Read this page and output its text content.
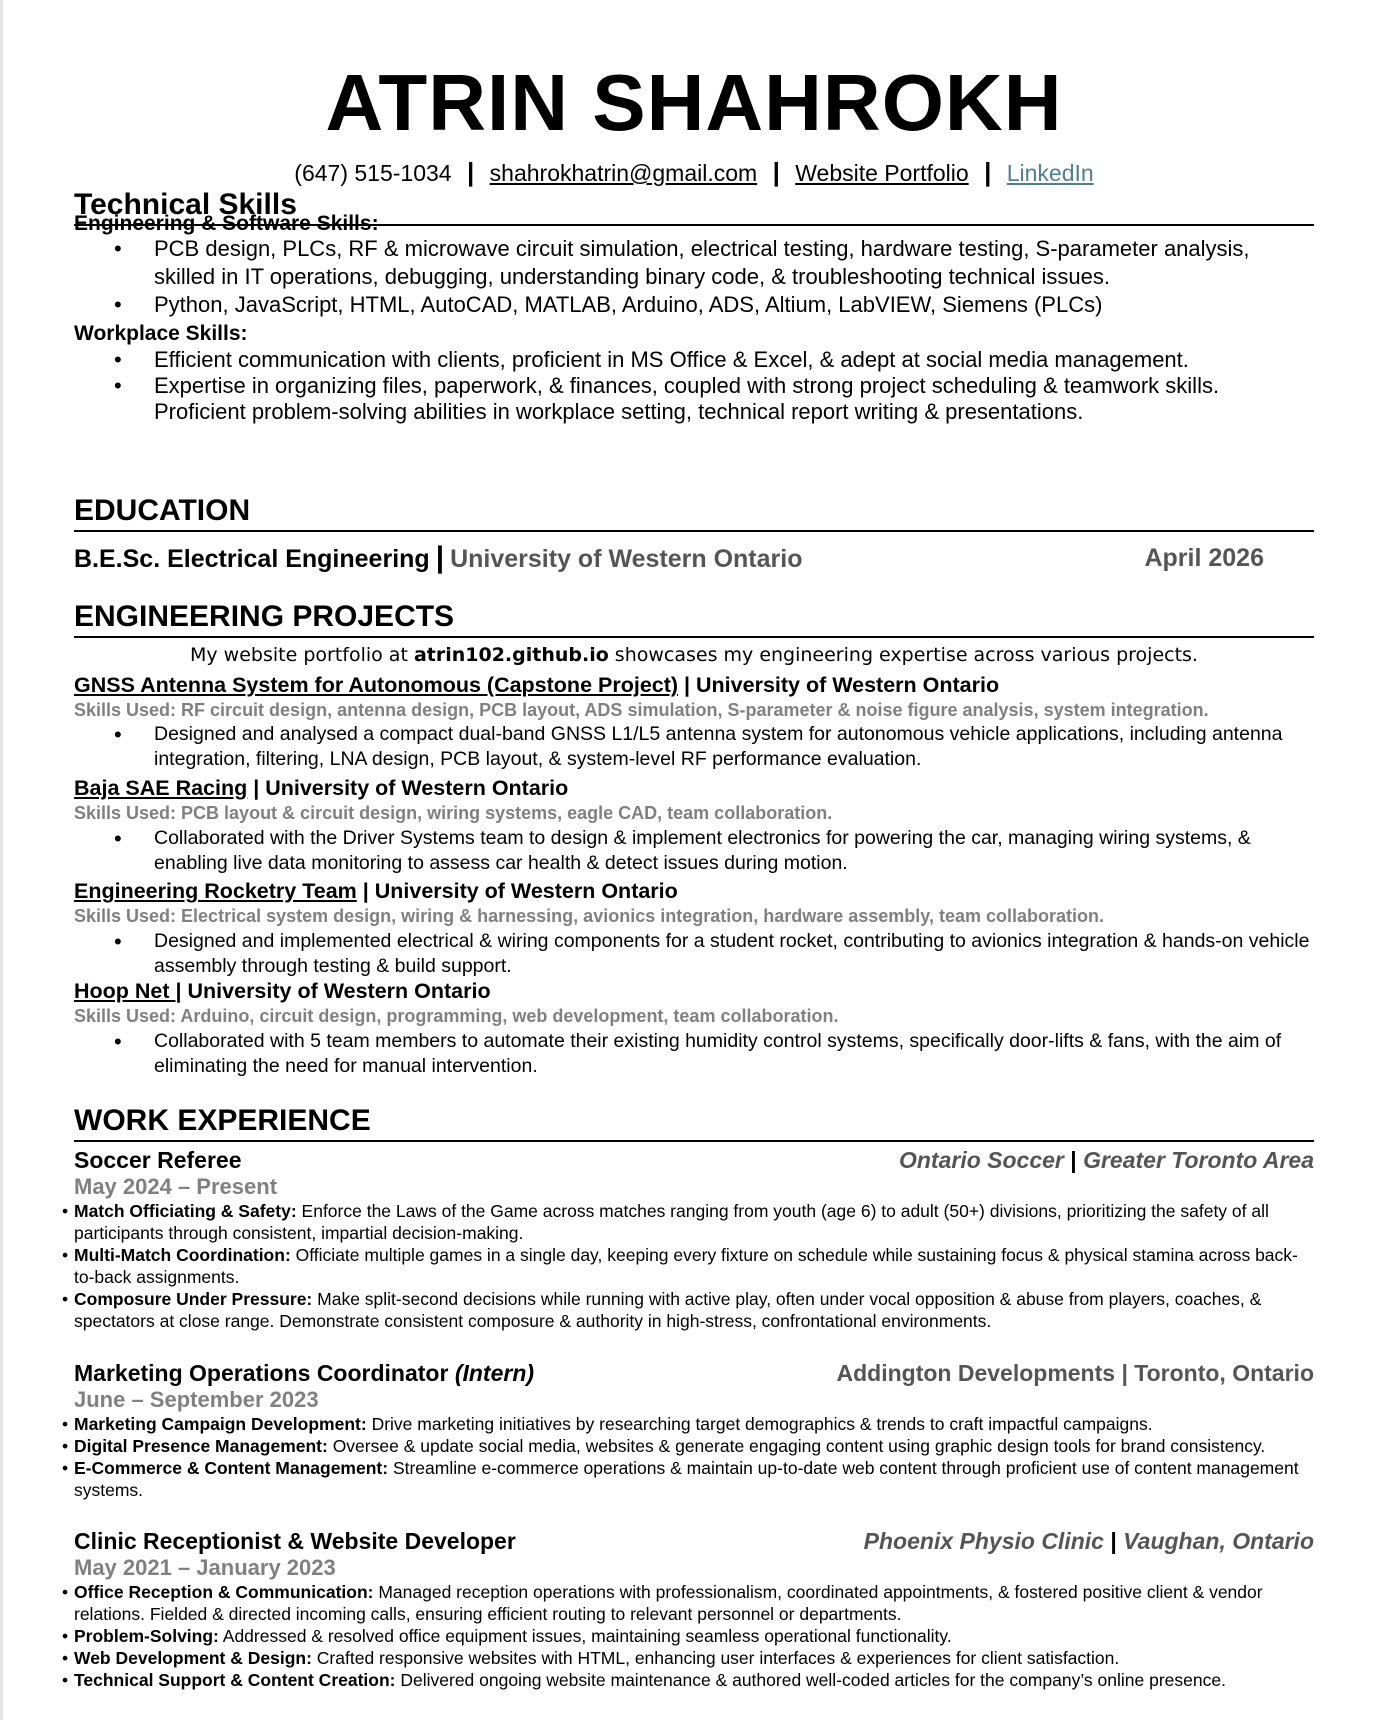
ATRIN SHAHROKH
(647) 515-1034 | shahrokhatrin@gmail.com | Website Portfolio | LinkedIn
Technical Skills
Engineering & Software Skills:
• PCB design, PLCs, RF & microwave circuit simulation, electrical testing, hardware testing, S-parameter analysis, skilled in IT operations, debugging, understanding binary code, & troubleshooting technical issues.
• Python, JavaScript, HTML, AutoCAD, MATLAB, Arduino, ADS, Altium, LabVIEW, Siemens (PLCs)
Workplace Skills:
• Efficient communication with clients, proficient in MS Office & Excel, & adept at social media management.
• Expertise in organizing files, paperwork, & finances, coupled with strong project scheduling & teamwork skills. Proficient problem-solving abilities in workplace setting, technical report writing & presentations.
EDUCATION
B.E.Sc. Electrical Engineering | University of Western Ontario	April 2026
ENGINEERING PROJECTS
My website portfolio at atrin102.github.io showcases my engineering expertise across various projects.
GNSS Antenna System for Autonomous (Capstone Project) | University of Western Ontario
Skills Used: RF circuit design, antenna design, PCB layout, ADS simulation, S-parameter & noise figure analysis, system integration.
• Designed and analysed a compact dual-band GNSS L1/L5 antenna system for autonomous vehicle applications, including antenna integration, filtering, LNA design, PCB layout, & system-level RF performance evaluation.
Baja SAE Racing | University of Western Ontario
Skills Used: PCB layout & circuit design, wiring systems, eagle CAD, team collaboration.
• Collaborated with the Driver Systems team to design & implement electronics for powering the car, managing wiring systems, & enabling live data monitoring to assess car health & detect issues during motion.
Engineering Rocketry Team | University of Western Ontario
Skills Used: Electrical system design, wiring & harnessing, avionics integration, hardware assembly, team collaboration.
• Designed and implemented electrical & wiring components for a student rocket, contributing to avionics integration & hands-on vehicle assembly through testing & build support.
Hoop Net | University of Western Ontario
Skills Used: Arduino, circuit design, programming, web development, team collaboration.
• Collaborated with 5 team members to automate their existing humidity control systems, specifically door-lifts & fans, with the aim of eliminating the need for manual intervention.
WORK EXPERIENCE
Soccer Referee	Ontario Soccer | Greater Toronto Area
May 2024 – Present
• Match Officiating & Safety: Enforce the Laws of the Game across matches ranging from youth (age 6) to adult (50+) divisions, prioritizing the safety of all participants through consistent, impartial decision-making.
• Multi-Match Coordination: Officiate multiple games in a single day, keeping every fixture on schedule while sustaining focus & physical stamina across back-to-back assignments.
• Composure Under Pressure: Make split-second decisions while running with active play, often under vocal opposition & abuse from players, coaches, & spectators at close range. Demonstrate consistent composure & authority in high-stress, confrontational environments.
Marketing Operations Coordinator (Intern)	Addington Developments | Toronto, Ontario
June – September 2023
• Marketing Campaign Development: Drive marketing initiatives by researching target demographics & trends to craft impactful campaigns.
• Digital Presence Management: Oversee & update social media, websites & generate engaging content using graphic design tools for brand consistency.
• E-Commerce & Content Management: Streamline e-commerce operations & maintain up-to-date web content through proficient use of content management systems.
Clinic Receptionist & Website Developer	Phoenix Physio Clinic | Vaughan, Ontario
May 2021 – January 2023
• Office Reception & Communication: Managed reception operations with professionalism, coordinated appointments, & fostered positive client & vendor relations. Fielded & directed incoming calls, ensuring efficient routing to relevant personnel or departments.
• Problem-Solving: Addressed & resolved office equipment issues, maintaining seamless operational functionality.
• Web Development & Design: Crafted responsive websites with HTML, enhancing user interfaces & experiences for client satisfaction.
• Technical Support & Content Creation: Delivered ongoing website maintenance & authored well-coded articles for the company’s online presence.
